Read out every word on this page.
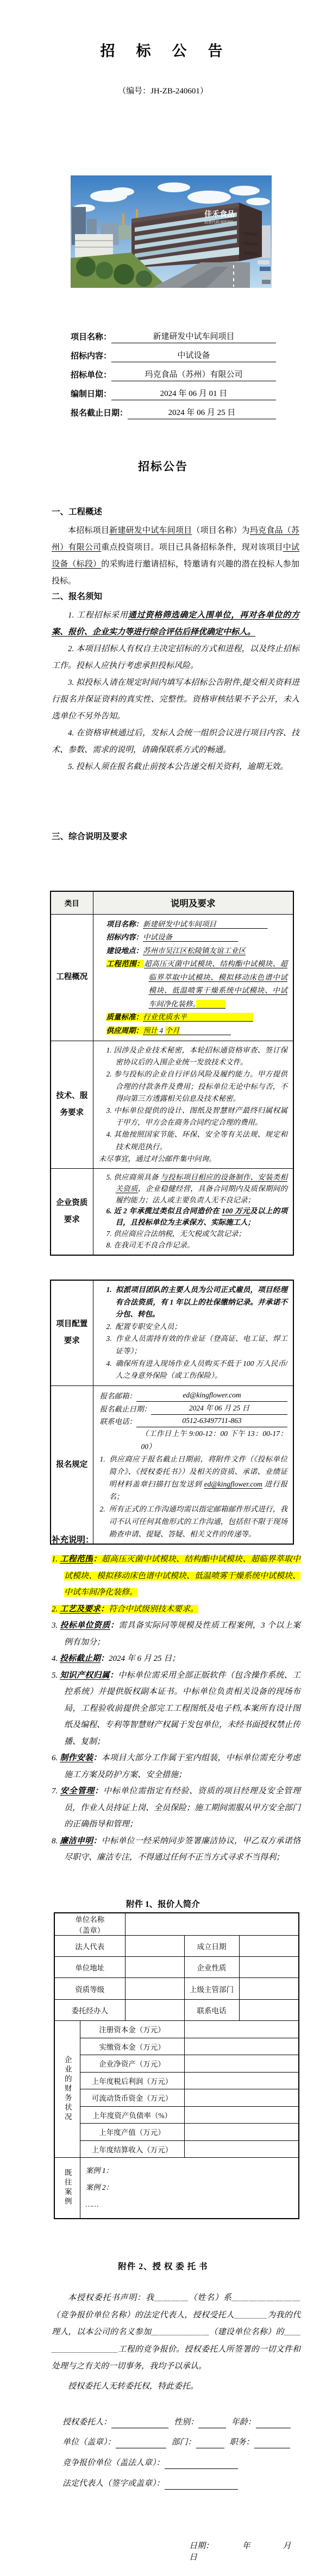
招　标　公　告
（编号：JH-ZB-240601）
佳禾食品
股票代码 605300
项目名称：	新建研发中试车间项目
招标内容：	中试设备
招标单位：	玛克食品（苏州）有限公司
编制日期：	2024 年 06 月 01 日
报名截止日期：	2024 年 06 月 25 日
招标公告
一、工程概述
本招标项目新建研发中试车间项目（项目名称）为玛克食品（苏州）有限公司重点投资项目。项目已具备招标条件，现对该项目中试设备（标段）的采购进行邀请招标，特邀请有兴趣的潜在投标人参加投标。
二、报名须知
1. 工程招标采用通过资格筛选确定入围单位，再对各单位的方案、报价、企业实力等进行综合评估后择优确定中标人。
2. 本项目招标人有权自主决定招标的方式和进程，以及终止招标工作。投标人应执行考虑承担投标风险。
3. 拟投标人请在规定时间内填写本招标公告附件,提交相关资料进行报名并保证资料的真实性、完整性。资格审核结果不予公开，未入选单位不另外告知。
4. 在资格审核通过后，发标人会统一组织会议进行项目内容、技术、参数、需求的说明，请确保联系方式的畅通。
5. 投标人须在报名截止前按本公告递交相关资料，逾期无效。
三、综合说明及要求
类目	说明及要求
工程概况	
项目名称：新建研发中试车间项目　　　　　　　
招标内容：中试设备　　　　　　　　　
建设地点：苏州市吴江区松陵镇友谊工业区
工程范围：超高压灭菌中试模块、结构酯中试模块、超临界萃取中试模块、模拟移动床色谱中试模块、低温喷雾干燥系统中试模块、中试车间净化装修。　　　　
质量标准：行业优质水平　　　　　　　　　
供应周期：预计 4 个月　　　　　　　

技术、服务要求	1. 因涉及企业技术秘密，本轮招标通资格审查、签订保密协议后的入围企业统一发放技术文件。
2. 参与投标的企业自行评估风险及履约能力。甲方提供合理的付款条件及费用；投标单位无论中标与否，不得向第三方透露相关信息及技术秘密。
3. 中标单位提供的设计、图纸及智慧财产最终归属权属于甲方，甲方会在商务合同约定合理的费用。
4. 其他按照国家节能、环保、安全等有关法规、规定和技术规范执行。
未尽事宜，通过对公邮件集中问询。

企业资质要求	5. 供应商须具备 与投标项目相应的设备制作、安装类相关资质，企业稳健经营，具备合同期内及质保期间的履约能力；法人或主要负责人无不良记录；
6. 近 2 年承揽过类似且合同造价在 100 万元及以上的项目，且投标单位为主承保方、实际施工人；
7. 供应商应合法纳税，无欠税或欠款记录；
8. 在我司无不良合作记录。
项目配置要求	1.  拟派项目团队的主要人员为公司正式雇员，项目经理有合法资质，有 1 年以上的社保缴纳记录。并承诺不分包、转包。
2.  配置专职安全人员；
3.  作业人员需持有效的作业证（登高证、电工证、焊工证等）；
4.  确保所有进入现场作业人员购买不低于 100 万人民币/人之身意外保险（或工伤保险）。

报名规定	
报名邮箱：	ed@kingflower.com
报名截止日期：	2024 年 06 月 25 日
联系电话：	0512-63497711-863
（工作日上午 9:00-12：00 下午 13：00-17：00）
1.  供应商应于报名截止日期前，将附件文件（《投标单位简介》、《授权委托书》）及相关的资质、承诺、业绩证明材料盖章扫描打包发送到 ed@kingflower.com 进行报名；
2.  所有正式的工作沟通均需以指定邮箱邮件形式进行，我司不认可任何其他形式的工作沟通，包括但不限于现场勘查申请、提疑、答疑、相关文件的传递等。
补充说明：
1. 工程范围：超高压灭菌中试模块、结构酯中试模块、超临界萃取中试模块、模拟移动床色谱中试模块、低温喷雾干燥系统中试模块、中试车间净化装修。
2. 工艺及要求：符合中试级别技术要求。
3. 投标单位资质：需具备实际同等规模及性质工程案例，3 个以上案例有加分；
4. 投标截止期：2024 年 6 月 25 日；
5. 知识产权归属：中标单位需采用全部正版软件（包含操作系统、工控系统）并提供版权副本证书。中标单位负责相关设备的现场布局，工程验收前提供全部完工工程图纸及电子档,本案所有设计图纸及编程、专利等智慧财产权属于发包单位，未经书面授权禁止传播、复制；
6. 制作安装：本项目大部分工作属于室内组装，中标单位需充分考虑施工方案及防护方案、安全措施；
7. 安全管理：中标单位需指定有经验、资质的项目经理及安全管理员，作业人员持证上岗、全员保险；施工期间需服从甲方安全部门的正确指导和管理；
8. 廉洁申明：中标单位一经采纳同步签署廉洁协议，甲乙双方承诺恪尽职守、廉洁专注，不得通过任何不正当方式寻求不当得利；
附件 1、报价人简介
单位名称
（盖章）				

法人代表			成立日期	
单位地址			企业性质	
资质等级			上级主管部门	
委托经办人			联系电话	
企业的财务状况	注册资本金（万元）			
	实缴资本金（万元）			
	企业净资产（万元）			
	上年度税后利润（万元）			
	可流动货币资金（万元）			
	上年度资产负债率（%）			
	上年度产值（万元）			
	上年度结算收入（万元）			
既往案例	案例 1：
案例 2：
……			
附件 2、授 权 委 托 书
本授权委托书声明：我＿＿＿＿（姓名）系＿＿＿＿＿＿＿＿（竞争报价单位名称）的法定代表人，授权受托人＿＿＿＿为我的代理人，以本公司的名义参加＿＿＿＿＿＿＿（建设单位名称）的＿＿＿＿＿＿＿＿＿＿工程的竞争报价。授权委托人所签署的一切文件和处理与之有关的一切事务，我均予以承认。
授权委托人无转委托权，特此委托。
授权委托人：	性别：	年龄：
单位（盖章）：	部门：	职务：
竞争报价单位（盖法人章）：
法定代表人（签字或盖章）：
日期：　　　　年　　　　月　　　　日
